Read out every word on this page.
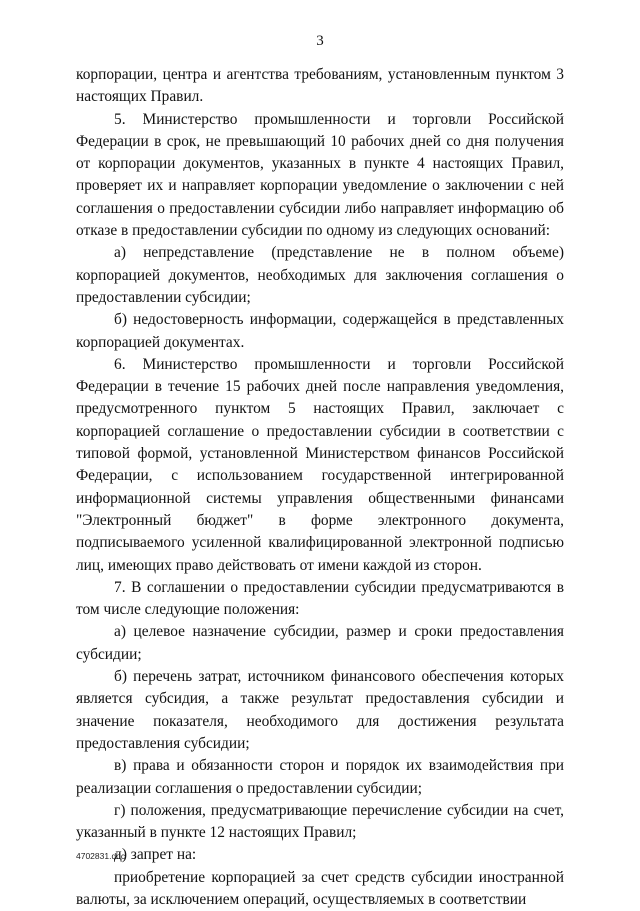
3

корпорации, центра и агентства требованиям, установленным пунктом 3 настоящих Правил.

5. Министерство промышленности и торговли Российской Федерации в срок, не превышающий 10 рабочих дней со дня получения от корпорации документов, указанных в пункте 4 настоящих Правил, проверяет их и направляет корпорации уведомление о заключении с ней соглашения о предоставлении субсидии либо направляет информацию об отказе в предоставлении субсидии по одному из следующих оснований:

а) непредставление (представление не в полном объеме) корпорацией документов, необходимых для заключения соглашения о предоставлении субсидии;

б) недостоверность информации, содержащейся в представленных корпорацией документах.

6. Министерство промышленности и торговли Российской Федерации в течение 15 рабочих дней после направления уведомления, предусмотренного пунктом 5 настоящих Правил, заключает с корпорацией соглашение о предоставлении субсидии в соответствии с типовой формой, установленной Министерством финансов Российской Федерации, с использованием государственной интегрированной информационной системы управления общественными финансами "Электронный бюджет" в форме электронного документа, подписываемого усиленной квалифицированной электронной подписью лиц, имеющих право действовать от имени каждой из сторон.

7. В соглашении о предоставлении субсидии предусматриваются в том числе следующие положения:

а) целевое назначение субсидии, размер и сроки предоставления субсидии;

б) перечень затрат, источником финансового обеспечения которых является субсидия, а также результат предоставления субсидии и значение показателя, необходимого для достижения результата предоставления субсидии;

в) права и обязанности сторон и порядок их взаимодействия при реализации соглашения о предоставлении субсидии;

г) положения, предусматривающие перечисление субсидии на счет, указанный в пункте 12 настоящих Правил;

д) запрет на:

приобретение корпорацией за счет средств субсидии иностранной валюты, за исключением операций, осуществляемых в соответствии

4702831.doc
